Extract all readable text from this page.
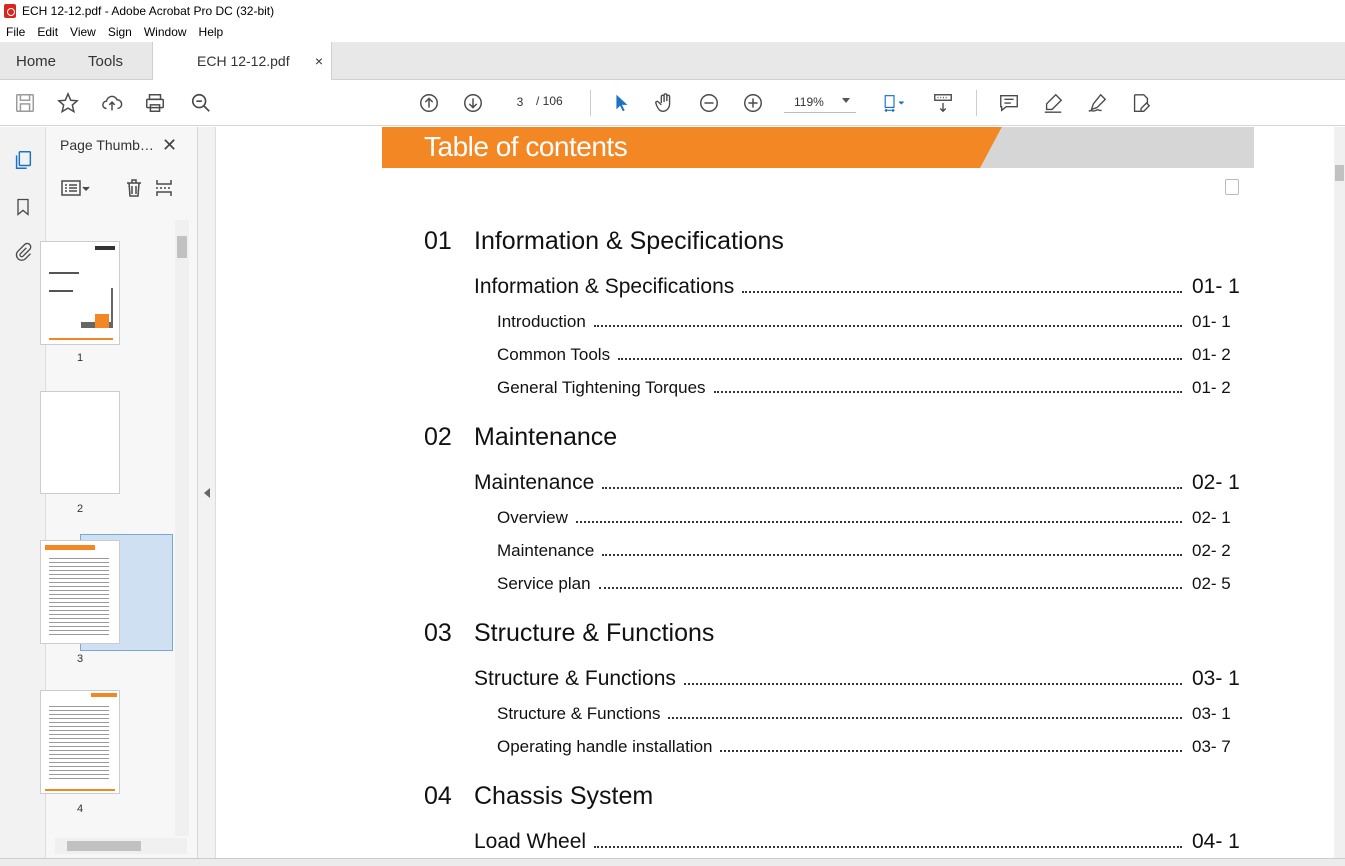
ECH 12-12.pdf - Adobe Acrobat Pro DC (32-bit)
File	Edit	View	Sign	Window	Help
Home	Tools	ECH 12-12.pdf ×
3	/ 106	119%
Page Thumb… ✕
1
2
3
4
Table of contents
01 Information & Specifications
Information & Specifications	01- 1
Introduction	01- 1
Common Tools	01- 2
General Tightening Torques	01- 2
02 Maintenance
Maintenance	02- 1
Overview	02- 1
Maintenance	02- 2
Service plan	02- 5
03 Structure & Functions
Structure & Functions	03- 1
Structure & Functions	03- 1
Operating handle installation	03- 7
04 Chassis System
Load Wheel	04- 1
